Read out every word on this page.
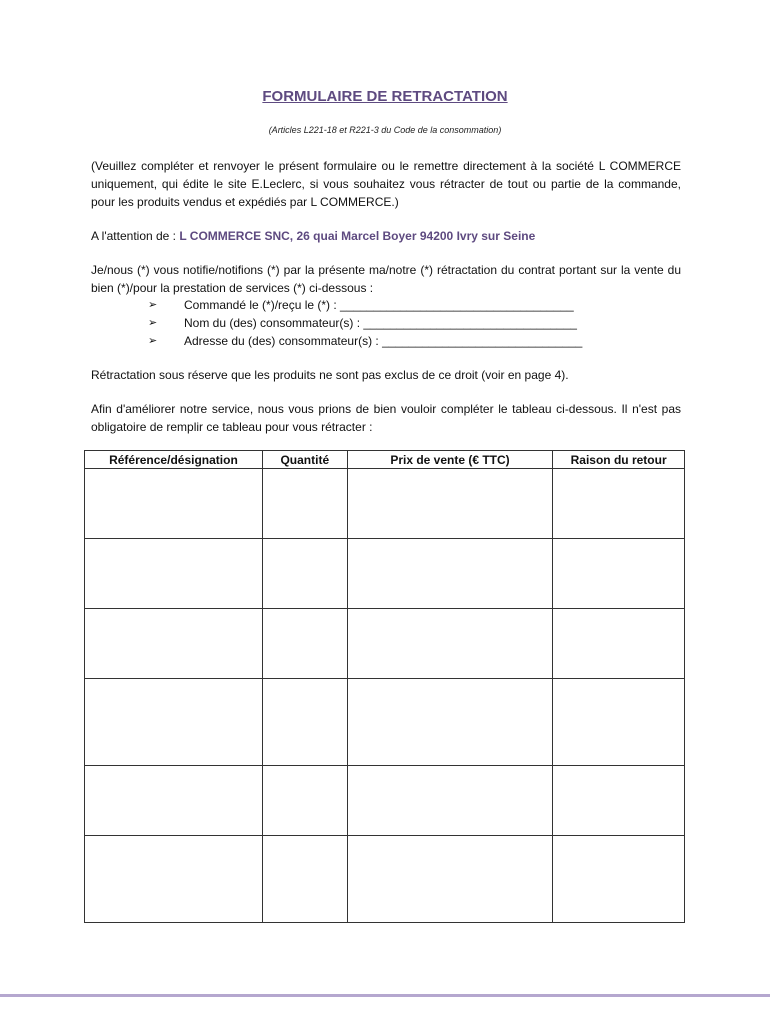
FORMULAIRE DE RETRACTATION
(Articles L221-18 et R221-3 du Code de la consommation)
(Veuillez compléter et renvoyer le présent formulaire ou le remettre directement à la société L COMMERCE uniquement, qui édite le site E.Leclerc, si vous souhaitez vous rétracter de tout ou partie de la commande, pour les produits vendus et expédiés par L COMMERCE.)
A l'attention de : L COMMERCE SNC, 26 quai Marcel Boyer 94200 Ivry sur Seine
Je/nous (*) vous notifie/notifions (*) par la présente ma/notre (*) rétractation du contrat portant sur la vente du bien (*)/pour la prestation de services (*) ci-dessous :
➢ Commandé le (*)/reçu le (*) : ___________________________________
➢ Nom du (des) consommateur(s) : ________________________________
➢ Adresse du (des) consommateur(s) : ______________________________
Rétractation sous réserve que les produits ne sont pas exclus de ce droit (voir en page 4).
Afin d'améliorer notre service, nous vous prions de bien vouloir compléter le tableau ci-dessous. Il n'est pas obligatoire de remplir ce tableau pour vous rétracter :
Référence/désignation	Quantité	Prix de vente (€ TTC)	Raison du retour
